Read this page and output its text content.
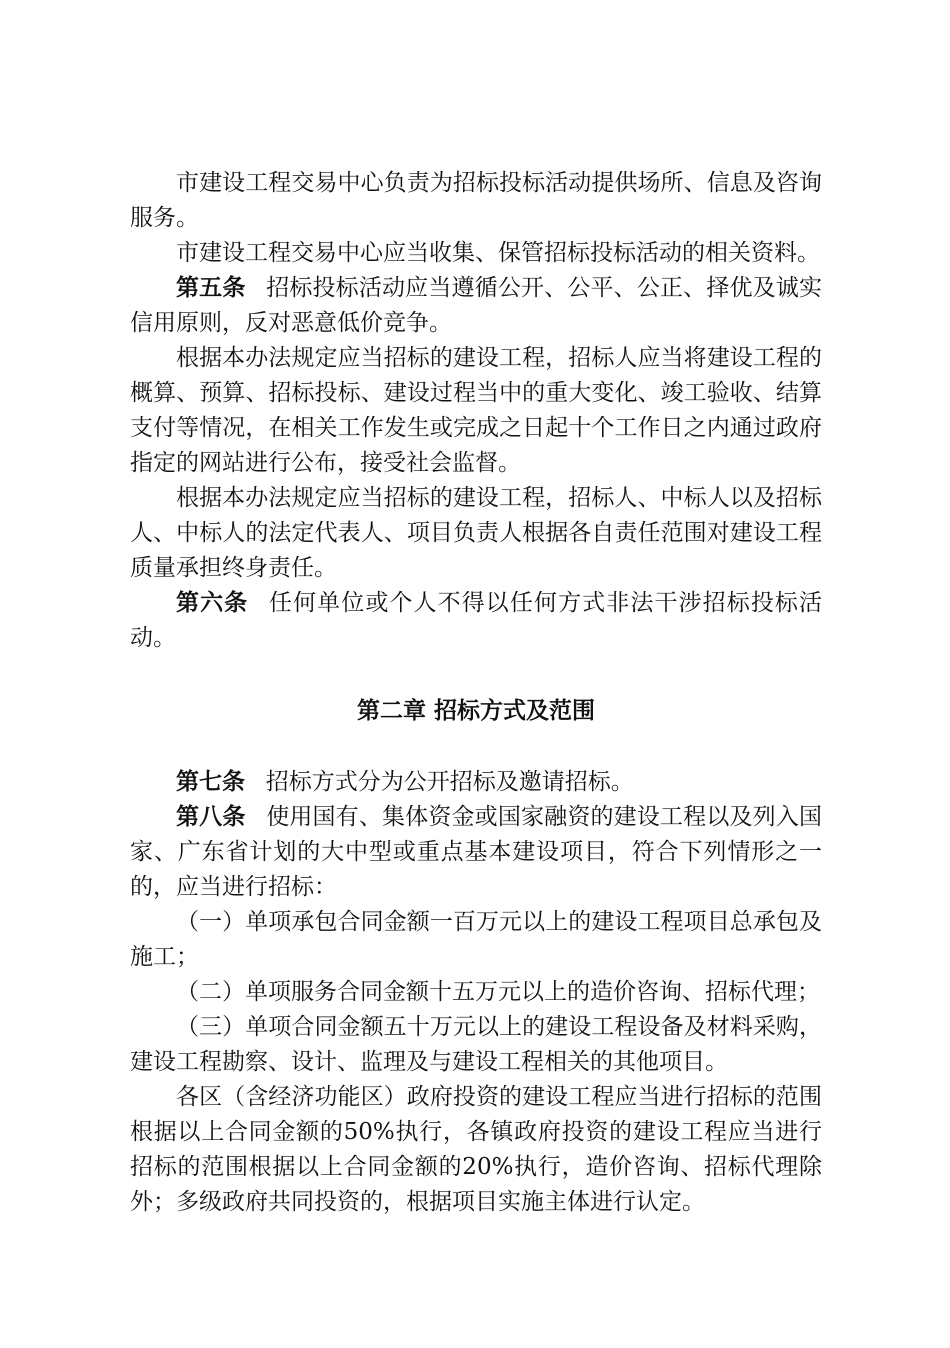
市建设工程交易中心负责为招标投标活动提供场所、信息及咨询服务。

市建设工程交易中心应当收集、保管招标投标活动的相关资料。

第五条 招标投标活动应当遵循公开、公平、公正、择优及诚实信用原则，反对恶意低价竞争。

根据本办法规定应当招标的建设工程，招标人应当将建设工程的概算、预算、招标投标、建设过程当中的重大变化、竣工验收、结算支付等情况，在相关工作发生或完成之日起十个工作日之内通过政府指定的网站进行公布，接受社会监督。

根据本办法规定应当招标的建设工程，招标人、中标人以及招标人、中标人的法定代表人、项目负责人根据各自责任范围对建设工程质量承担终身责任。

第六条 任何单位或个人不得以任何方式非法干涉招标投标活动。

第二章 招标方式及范围

第七条 招标方式分为公开招标及邀请招标。

第八条 使用国有、集体资金或国家融资的建设工程以及列入国家、广东省计划的大中型或重点基本建设项目，符合下列情形之一的，应当进行招标：

（一）单项承包合同金额一百万元以上的建设工程项目总承包及施工；

（二）单项服务合同金额十五万元以上的造价咨询、招标代理；

（三）单项合同金额五十万元以上的建设工程设备及材料采购，建设工程勘察、设计、监理及与建设工程相关的其他项目。

各区（含经济功能区）政府投资的建设工程应当进行招标的范围根据以上合同金额的50%执行，各镇政府投资的建设工程应当进行招标的范围根据以上合同金额的20%执行，造价咨询、招标代理除外；多级政府共同投资的，根据项目实施主体进行认定。
